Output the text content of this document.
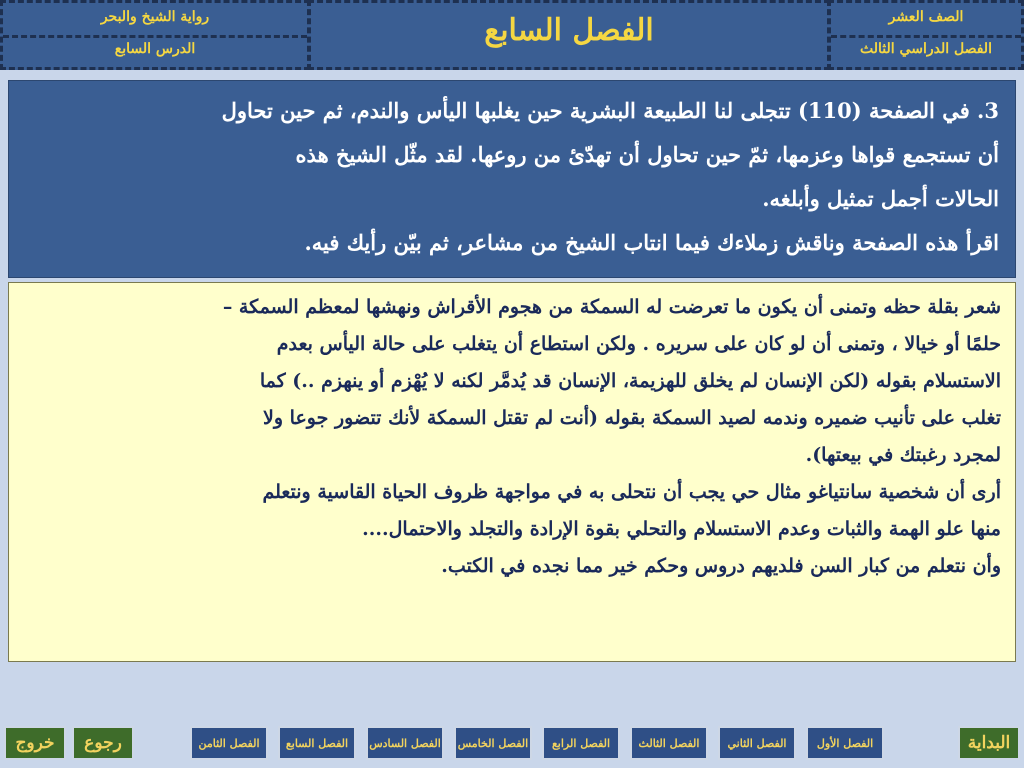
الصف العشر
الفصل الدراسي الثالث
الفصل السابع
رواية الشيخ والبحر
الدرس السابع

3. في الصفحة (110) تتجلى لنا الطبيعة البشرية حين يغلبها اليأس والندم، ثم حين تحاول

أن تستجمع قواها وعزمها، ثمّ حين تحاول أن تهدّئ من روعها. لقد مثّل الشيخ هذه

الحالات أجمل تمثيل وأبلغه.

اقرأ هذه الصفحة وناقش زملاءك فيما انتاب الشيخ من مشاعر، ثم بيّن رأيك فيه.

شعر بقلة حظه وتمنى أن يكون ما تعرضت له السمكة من هجوم الأقراش ونهشها لمعظم السمكة –

حلمًا أو خيالا ، وتمنى أن لو كان على سريره . ولكن استطاع أن يتغلب على حالة اليأس بعدم

الاستسلام بقوله (لكن الإنسان لم يخلق للهزيمة، الإنسان قد يُدمَّر لكنه لا يُهْزم أو ينهزم ..) كما

تغلب على تأنيب ضميره وندمه لصيد السمكة بقوله (أنت لم تقتل السمكة لأنك تتضور جوعا ولا

لمجرد رغبتك في بيعتها).

أرى أن شخصية سانتياغو مثال حي يجب أن نتحلى به في مواجهة ظروف الحياة القاسية ونتعلم

منها علو الهمة والثبات وعدم الاستسلام والتحلي بقوة الإرادة والتجلد والاحتمال....

وأن نتعلم من كبار السن فلديهم دروس وحكم خير مما نجده في الكتب.

البداية
الفصل الأول
الفصل الثاني
الفصل الثالث
الفصل الرابع
الفصل الخامس
الفصل السادس
الفصل السابع
الفصل الثامن
رجوع
خروج
